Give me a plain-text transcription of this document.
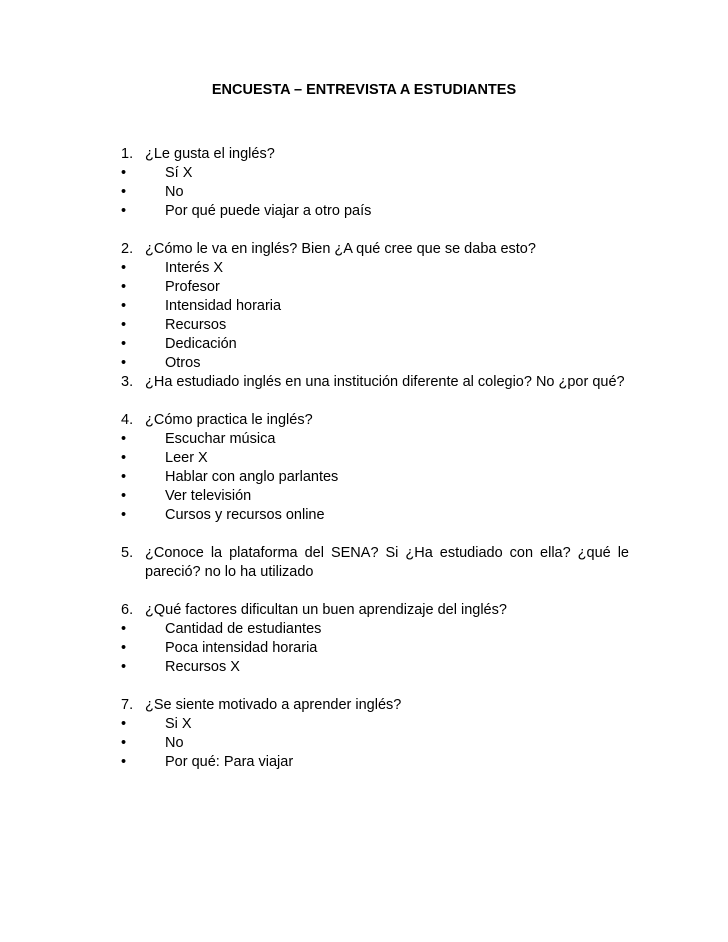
ENCUESTA – ENTREVISTA A ESTUDIANTES
1. ¿Le gusta el inglés?
•	Sí X
•	No
•	Por qué puede viajar a otro país
2. ¿Cómo le va en inglés? Bien ¿A qué cree que se daba esto?
•	Interés X
•	Profesor
•	Intensidad horaria
•	Recursos
•	Dedicación
•	Otros
3. ¿Ha estudiado inglés en una institución diferente al colegio? No ¿por qué?
4. ¿Cómo practica le inglés?
•	Escuchar música
•	Leer X
•	Hablar con anglo parlantes
•	Ver televisión
•	Cursos y recursos online
5. ¿Conoce la plataforma del SENA? Si ¿Ha estudiado con ella? ¿qué le
pareció? no lo ha utilizado
6. ¿Qué factores dificultan un buen aprendizaje del inglés?
•	Cantidad de estudiantes
•	Poca intensidad horaria
•	Recursos X
7. ¿Se siente motivado a aprender inglés?
•	Si X
•	No
•	Por qué: Para viajar
